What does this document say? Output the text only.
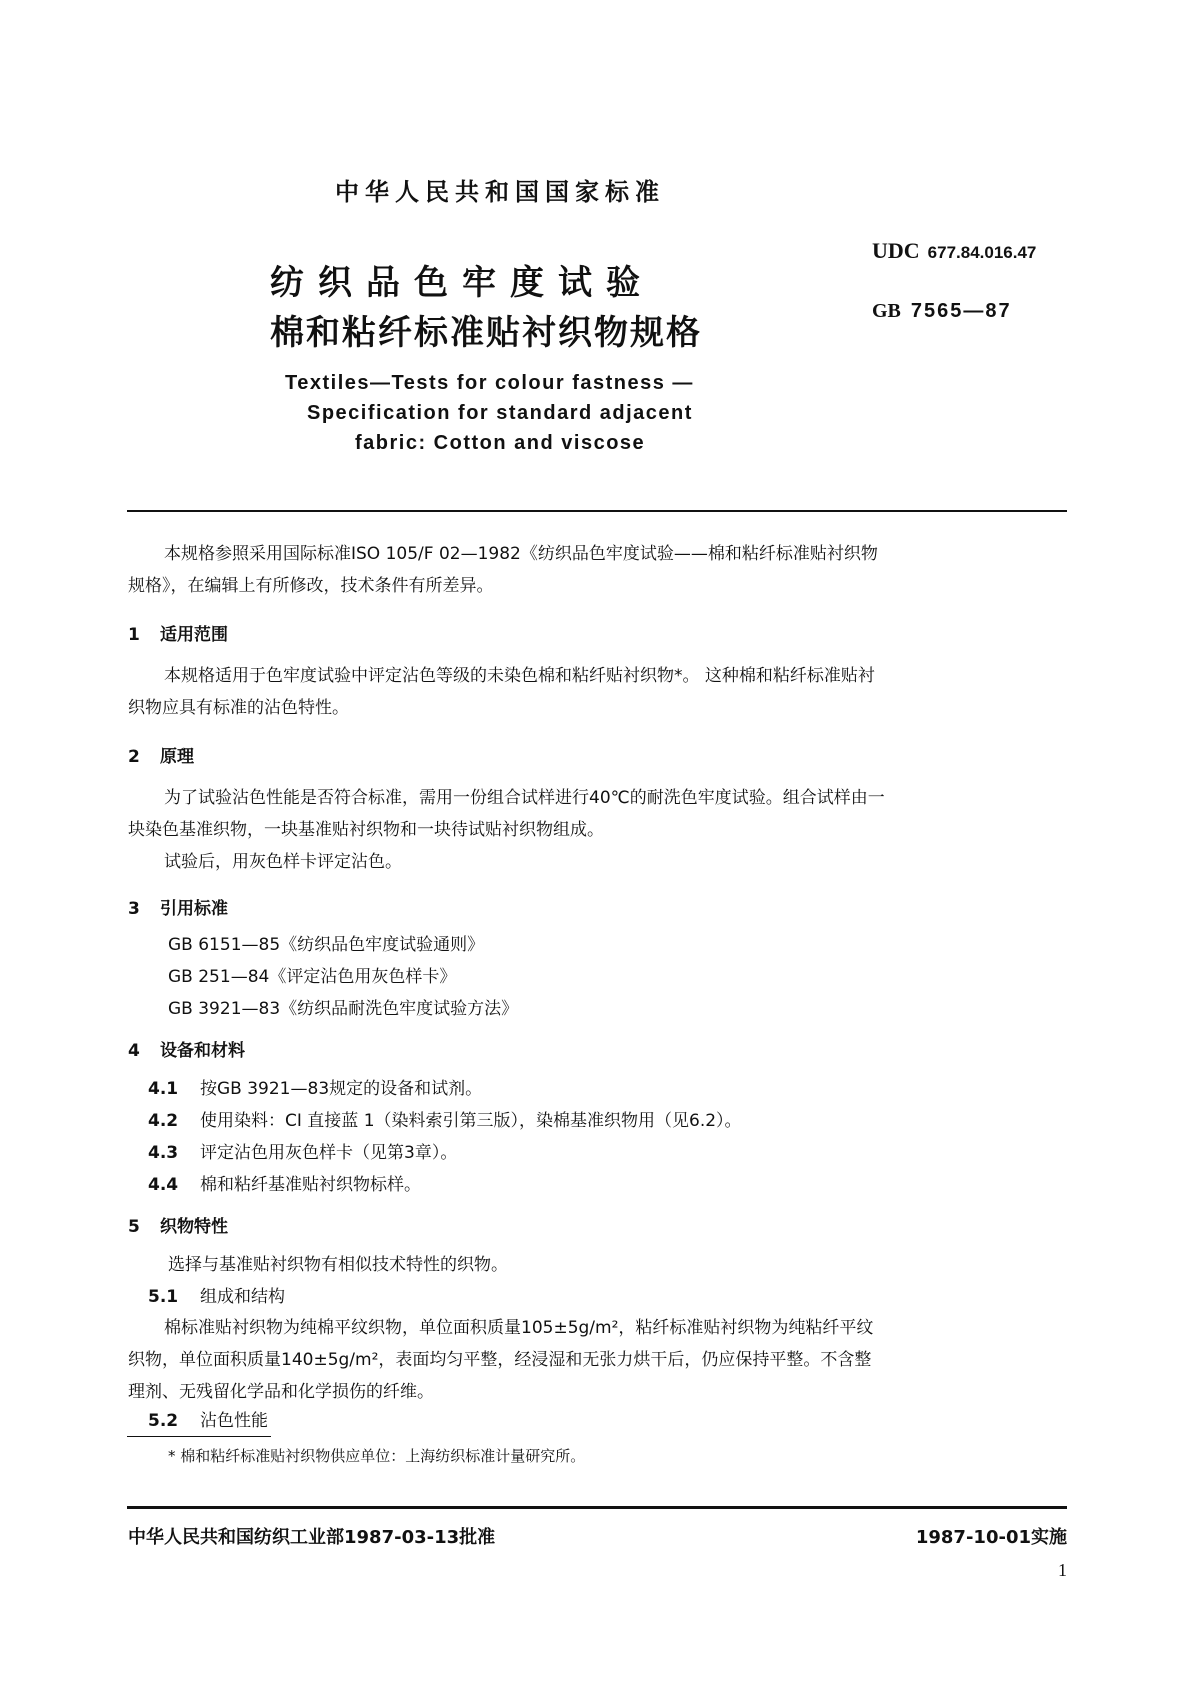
中华人民共和国国家标准
纺织品色牢度试验
棉和粘纤标准贴衬织物规格
UDC 677.84.016.47
GB 7565—87
Textiles—Tests for colour fastness —
Specification for standard adjacent
fabric: Cotton and viscose
本规格参照采用国际标准ISO 105/F 02—1982《纺织品色牢度试验——棉和粘纤标准贴衬织物
规格》，在编辑上有所修改，技术条件有所差异。
1 适用范围
本规格适用于色牢度试验中评定沾色等级的未染色棉和粘纤贴衬织物*。 这种棉和粘纤标准贴衬
织物应具有标准的沾色特性。
2 原理
为了试验沾色性能是否符合标准，需用一份组合试样进行40℃的耐洗色牢度试验。组合试样由一
块染色基准织物，一块基准贴衬织物和一块待试贴衬织物组成。
试验后，用灰色样卡评定沾色。
3 引用标准
GB 6151—85《纺织品色牢度试验通则》
GB 251—84《评定沾色用灰色样卡》
GB 3921—83《纺织品耐洗色牢度试验方法》
4 设备和材料
4.1 按GB 3921—83规定的设备和试剂。
4.2 使用染料：CI 直接蓝 1（染料索引第三版），染棉基准织物用（见6.2）。
4.3 评定沾色用灰色样卡（见第3章）。
4.4 棉和粘纤基准贴衬织物标样。
5 织物特性
选择与基准贴衬织物有相似技术特性的织物。
5.1 组成和结构
棉标准贴衬织物为纯棉平纹织物，单位面积质量105±5g/m²，粘纤标准贴衬织物为纯粘纤平纹
织物，单位面积质量140±5g/m²，表面均匀平整，经浸湿和无张力烘干后，仍应保持平整。不含整
理剂、无残留化学品和化学损伤的纤维。
5.2 沾色性能
* 棉和粘纤标准贴衬织物供应单位：上海纺织标准计量研究所。
中华人民共和国纺织工业部1987-03-13批准	1987-10-01实施
1
